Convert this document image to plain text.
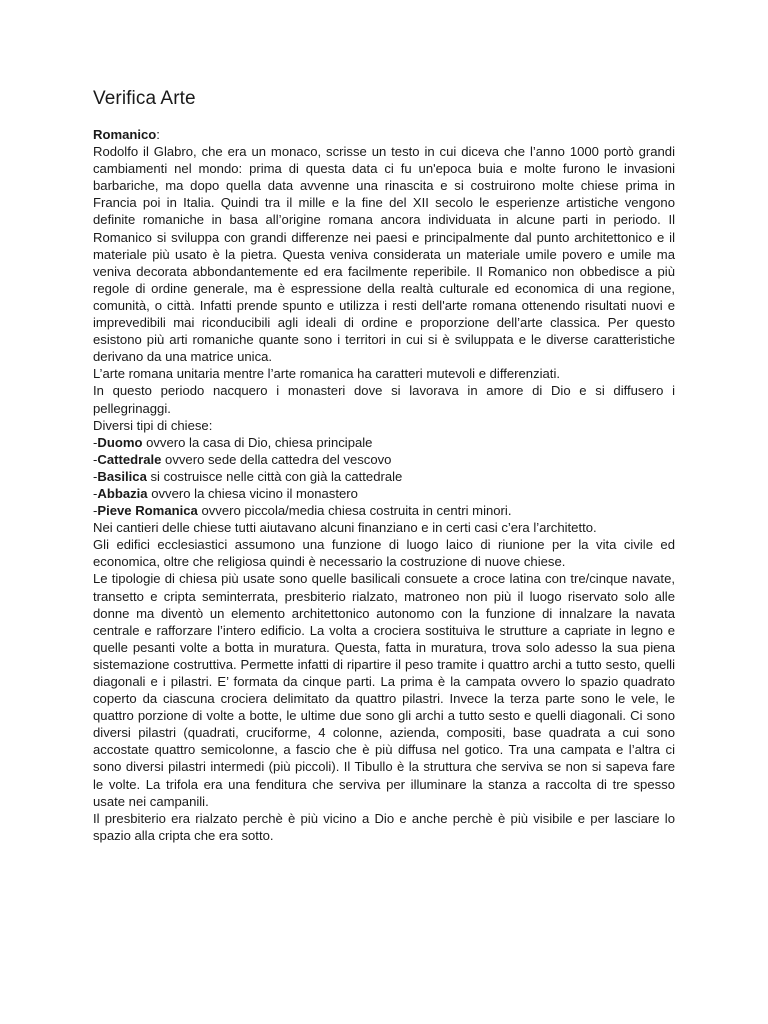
Verifica Arte

Romanico:

Rodolfo il Glabro, che era un monaco, scrisse un testo in cui diceva che l’anno 1000 portò grandi cambiamenti nel mondo: prima di questa data ci fu un'epoca buia e molte furono le invasioni barbariche, ma dopo quella data avvenne una rinascita e si costruirono molte chiese prima in Francia poi in Italia. Quindi tra il mille e la fine del XII secolo le esperienze artistiche vengono definite romaniche in basa all’origine romana ancora individuata in alcune parti in periodo. Il Romanico si sviluppa con grandi differenze nei paesi e principalmente dal punto architettonico e il materiale più usato è la pietra. Questa veniva considerata un materiale umile povero e umile ma veniva decorata abbondantemente ed era facilmente reperibile. Il Romanico non obbedisce a più regole di ordine generale, ma è espressione della realtà culturale ed economica di una regione, comunità, o città. Infatti prende spunto e utilizza i resti dell'arte romana ottenendo risultati nuovi e imprevedibili mai riconducibili agli ideali di ordine e proporzione dell’arte classica. Per questo esistono più arti romaniche quante sono i territori in cui si è sviluppata e le diverse caratteristiche derivano da una matrice unica.

L’arte romana unitaria mentre l’arte romanica ha caratteri mutevoli e differenziati.

In questo periodo nacquero i monasteri dove si lavorava in amore di Dio e si diffusero i pellegrinaggi.

Diversi tipi di chiese:

-Duomo ovvero la casa di Dio, chiesa principale

-Cattedrale ovvero sede della cattedra del vescovo

-Basilica si costruisce nelle città con già la cattedrale

-Abbazia ovvero la chiesa vicino il monastero

-Pieve Romanica ovvero piccola/media chiesa costruita in centri minori.

Nei cantieri delle chiese tutti aiutavano alcuni finanziano e in certi casi c’era l’architetto.

Gli edifici ecclesiastici assumono una funzione di luogo laico di riunione per la vita civile ed economica, oltre che religiosa quindi è necessario la costruzione di nuove chiese.

Le tipologie di chiesa più usate sono quelle basilicali consuete a croce latina con tre/cinque navate, transetto e cripta seminterrata, presbiterio rialzato, matroneo non più il luogo riservato solo alle donne ma diventò un elemento architettonico autonomo con la funzione di innalzare la navata centrale e rafforzare l’intero edificio. La volta a crociera sostituiva le strutture a capriate in legno e quelle pesanti volte a botta in muratura. Questa, fatta in muratura, trova solo adesso la sua piena sistemazione costruttiva. Permette infatti di ripartire il peso tramite i quattro archi a tutto sesto, quelli diagonali e i pilastri. E’ formata da cinque parti. La prima è la campata ovvero lo spazio quadrato coperto da ciascuna crociera delimitato da quattro pilastri. Invece la terza parte sono le vele, le quattro porzione di volte a botte, le ultime due sono gli archi a tutto sesto e quelli diagonali. Ci sono diversi pilastri (quadrati, cruciforme, 4 colonne, azienda, compositi, base quadrata a cui sono accostate quattro semicolonne, a fascio che è più diffusa nel gotico. Tra una campata e l’altra ci sono diversi pilastri intermedi (più piccoli). Il Tibullo è la struttura che serviva se non si sapeva fare le volte. La trifola era una fenditura che serviva per illuminare la stanza a raccolta di tre spesso usate nei campanili.

Il presbiterio era rialzato perchè è più vicino a Dio e anche perchè è più visibile e per lasciare lo spazio alla cripta che era sotto.
